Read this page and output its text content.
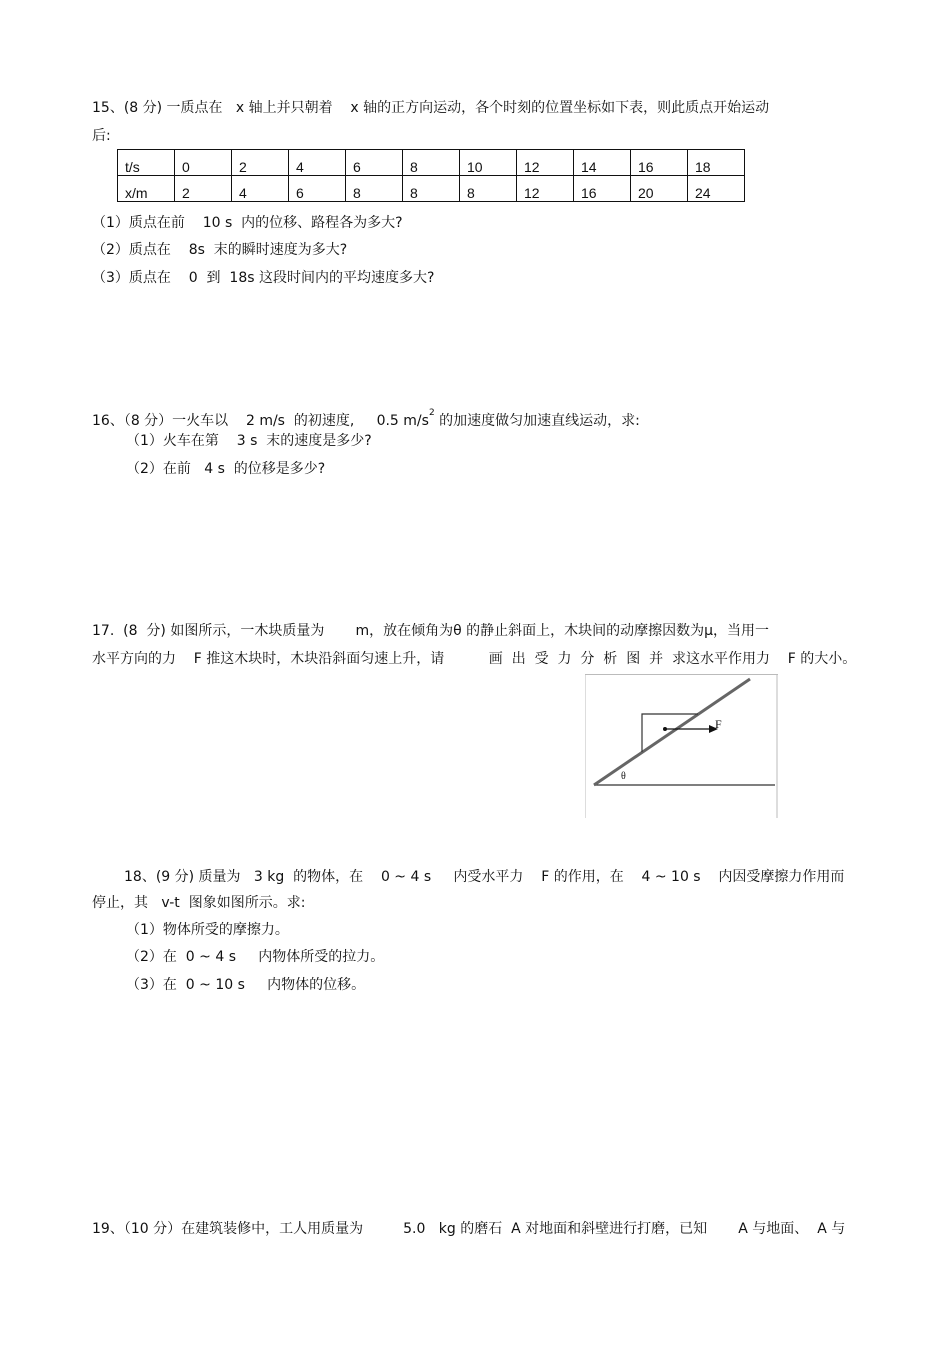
15、(8 分) 一质点在   x 轴上并只朝着    x 轴的正方向运动，各个时刻的位置坐标如下表，则此质点开始运动
后:
t/s	0	2	4	6	8	10	12	14	16	18
x/m	2	4	6	8	8	8	12	16	20	24
（1）质点在前    10 s  内的位移、路程各为多大?
（2）质点在    8s  末的瞬时速度为多大?
（3）质点在    0  到  18s 这段时间内的平均速度多大?
16、（8 分）一火车以    2 m/s  的初速度,     0.5 $m/s^2$ 的加速度做匀加速直线运动，求:
（1）火车在第    3 s  末的速度是多少?
（2）在前   4 s  的位移是多少?
17.  (8  分) 如图所示，一木块质量为       m，放在倾角为θ 的静止斜面上，木块间的动摩擦因数为μ，当用一
水平方向的力    F 推这木块时，木块沿斜面匀速上升，请          画  出  受  力  分  析  图  并  求这水平作用力    F 的大小。
F
θ
18、(9 分) 质量为   3 kg  的物体，在    0 ~ 4 s     内受水平力    F 的作用，在    4 ~ 10 s    内因受摩擦力作用而
停止，其   v-t  图象如图所示。求:
（1）物体所受的摩擦力。
（2）在  0 ~ 4 s     内物体所受的拉力。
（3）在  0 ~ 10 s     内物体的位移。
19、（10 分）在建筑装修中，工人用质量为         5.0   kg 的磨石  A 对地面和斜壁进行打磨，已知       A 与地面、  A 与
